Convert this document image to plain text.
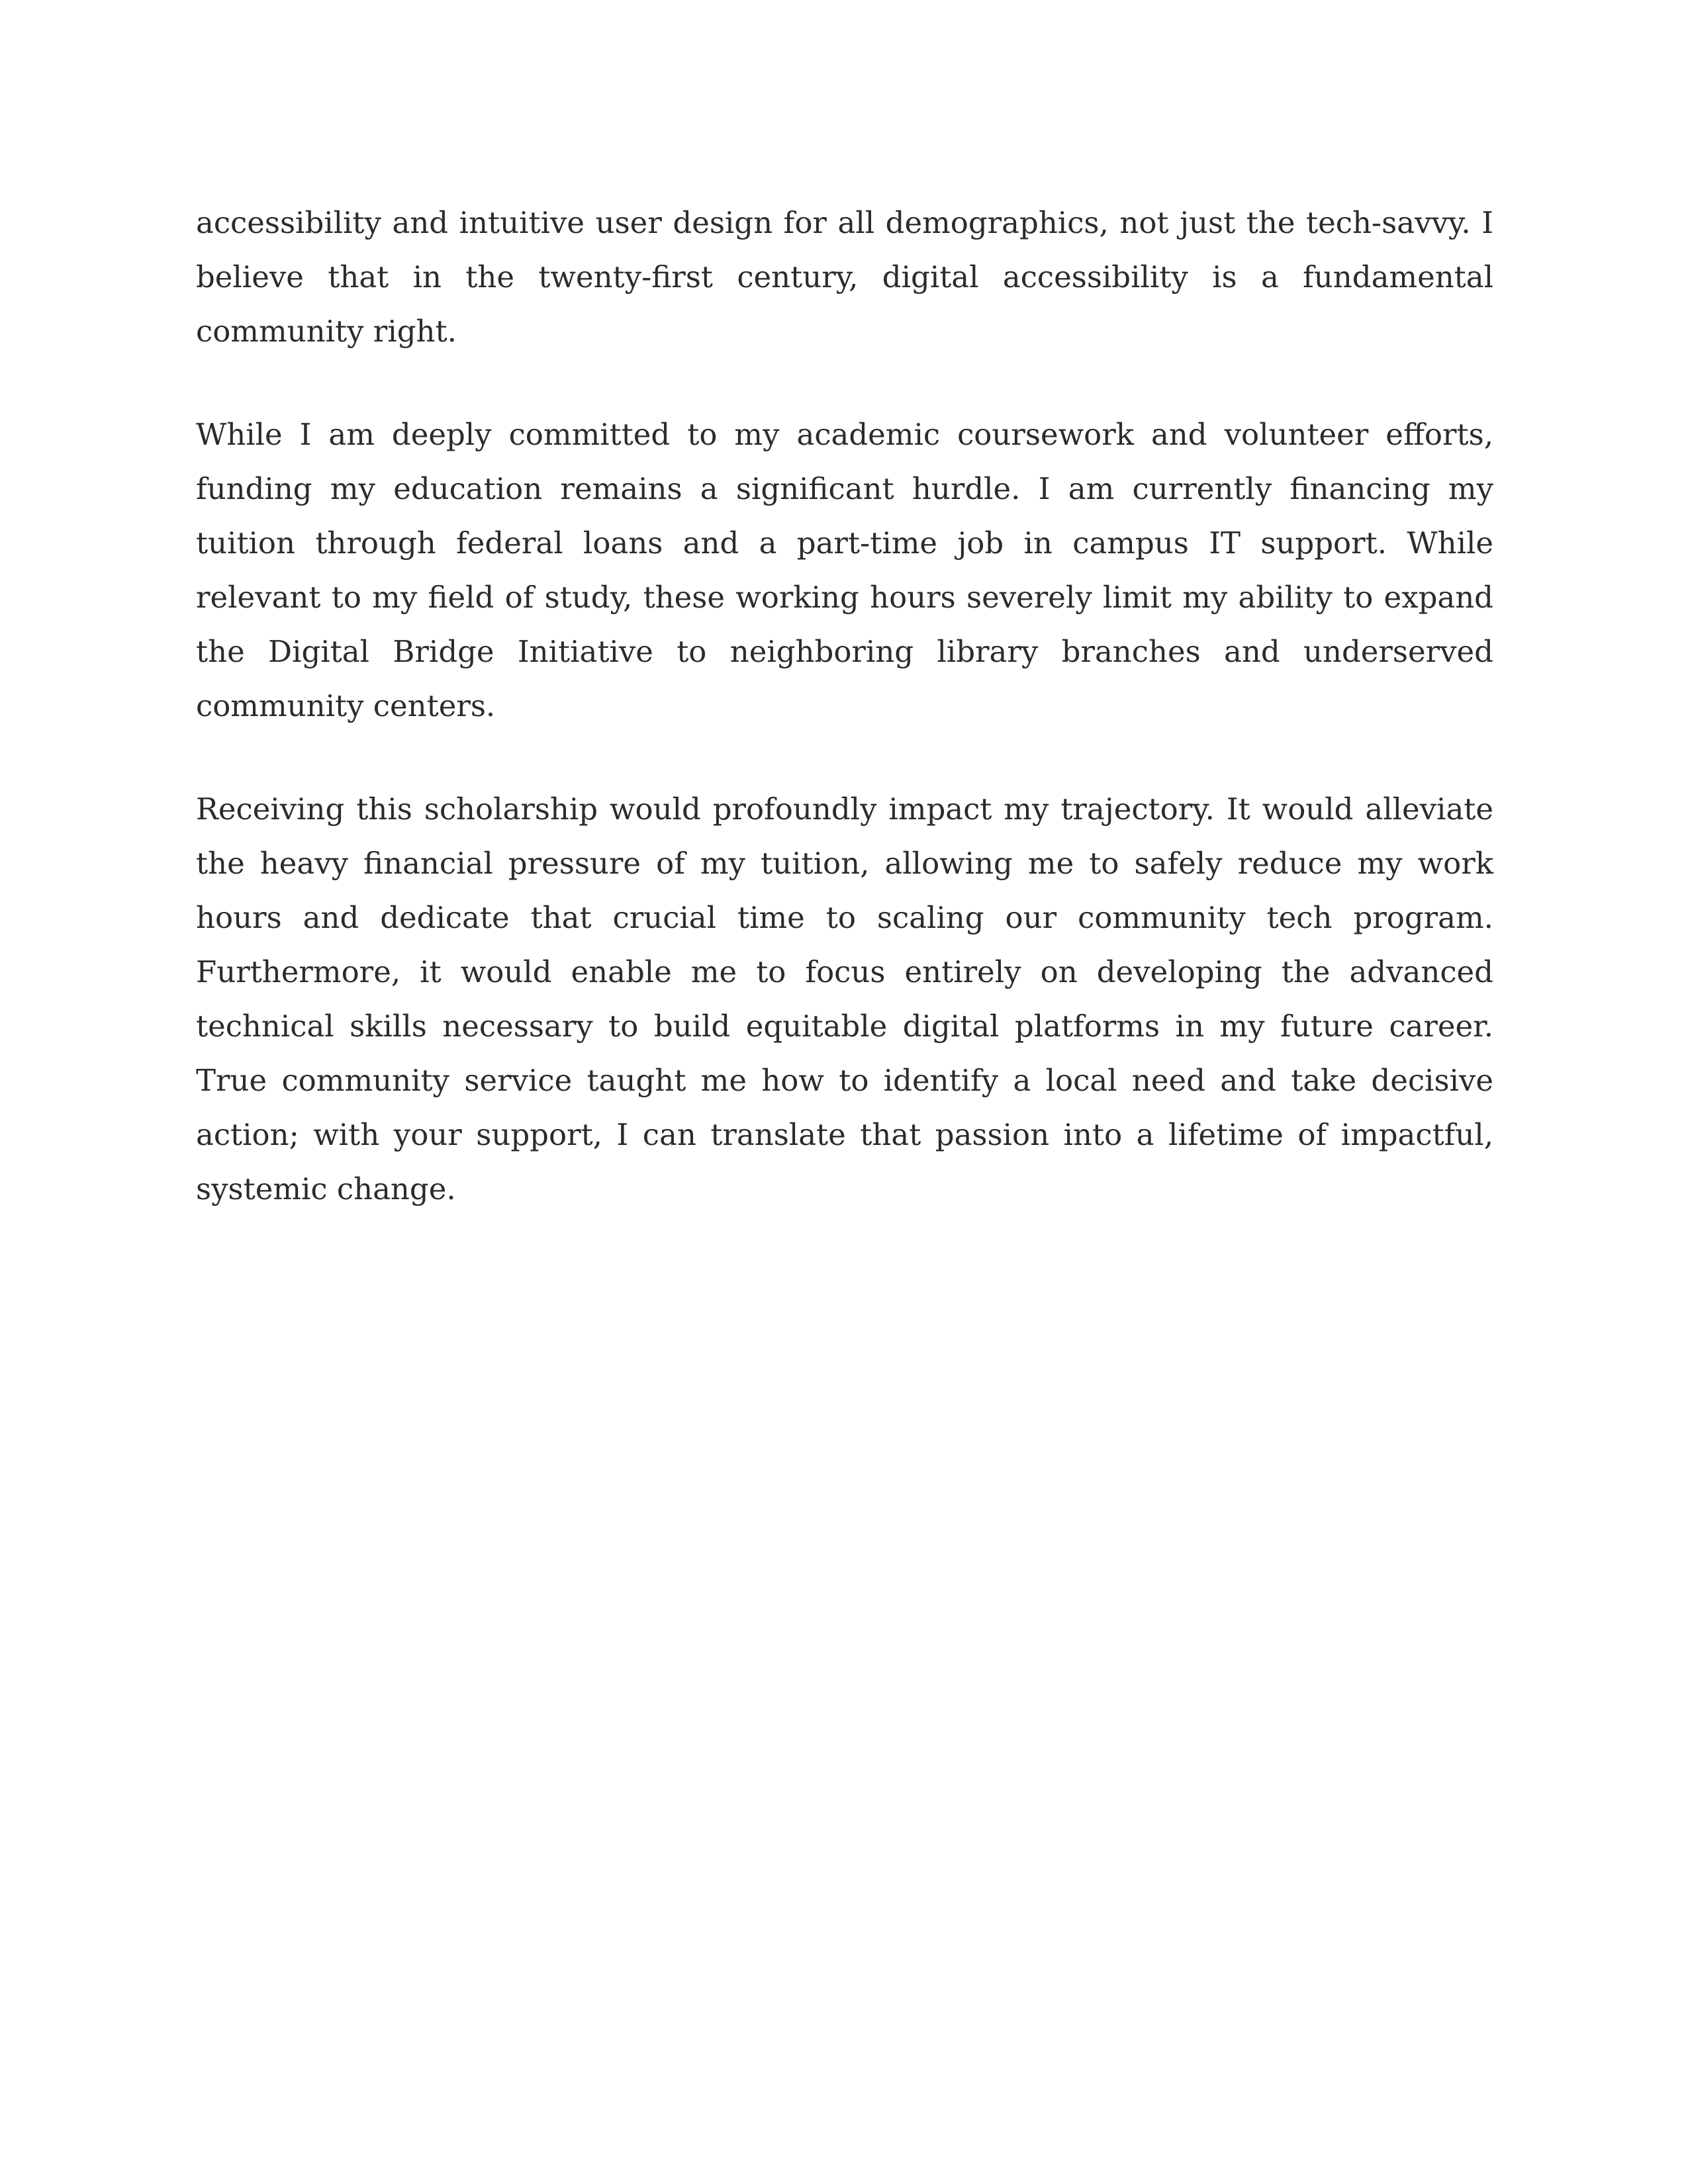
accessibility and intuitive user design for all demographics, not just the tech-savvy. I believe that in the twenty-first century, digital accessibility is a fundamental community right.

While I am deeply committed to my academic coursework and volunteer efforts, funding my education remains a significant hurdle. I am currently financing my tuition through federal loans and a part-time job in campus IT support. While relevant to my field of study, these working hours severely limit my ability to expand the Digital Bridge Initiative to neighboring library branches and underserved community centers.

Receiving this scholarship would profoundly impact my trajectory. It would alleviate the heavy financial pressure of my tuition, allowing me to safely reduce my work hours and dedicate that crucial time to scaling our community tech program. Furthermore, it would enable me to focus entirely on developing the advanced technical skills necessary to build equitable digital platforms in my future career. True community service taught me how to identify a local need and take decisive action; with your support, I can translate that passion into a lifetime of impactful, systemic change.
